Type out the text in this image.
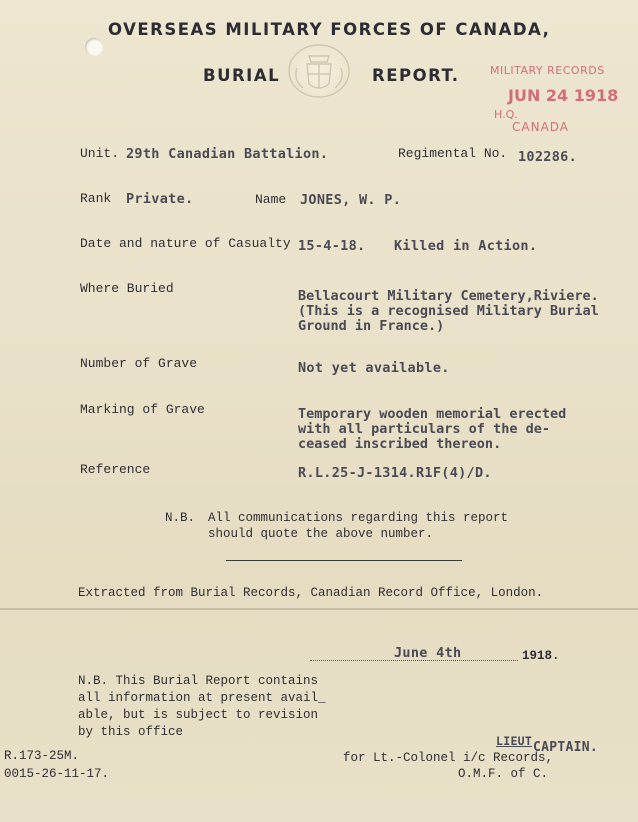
OVERSEAS MILITARY FORCES OF CANADA,
BURIAL	REPORT.	MILITARY RECORDS
JUN 24 1918
H.Q.
CANADA
Unit. 29th Canadian Battalion.	Regimental No. 102286.
Rank Private.	Name JONES, W. P.
Date and nature of Casualty 15-4-18. Killed in Action.
Where Buried	Bellacourt Military Cemetery,Riviere.
(This is a recognised Military Burial
Ground in France.)
Number of Grave	Not yet available.
Marking of Grave	Temporary wooden memorial erected
with all particulars of the de-
ceased inscribed thereon.
Reference	R.L.25-J-1314.R1F(4)/D.
N.B. All communications regarding this report
should quote the above number.
Extracted from Burial Records, Canadian Record Office, London.
June 4th	1918.
N.B. This Burial Report contains
all information at present avail_
able, but is subject to revision
by this office
R.173-25M.
0015-26-11-17.
LIEUT CAPTAIN.
for Lt.-Colonel i/c Records,
O.M.F. of C.
